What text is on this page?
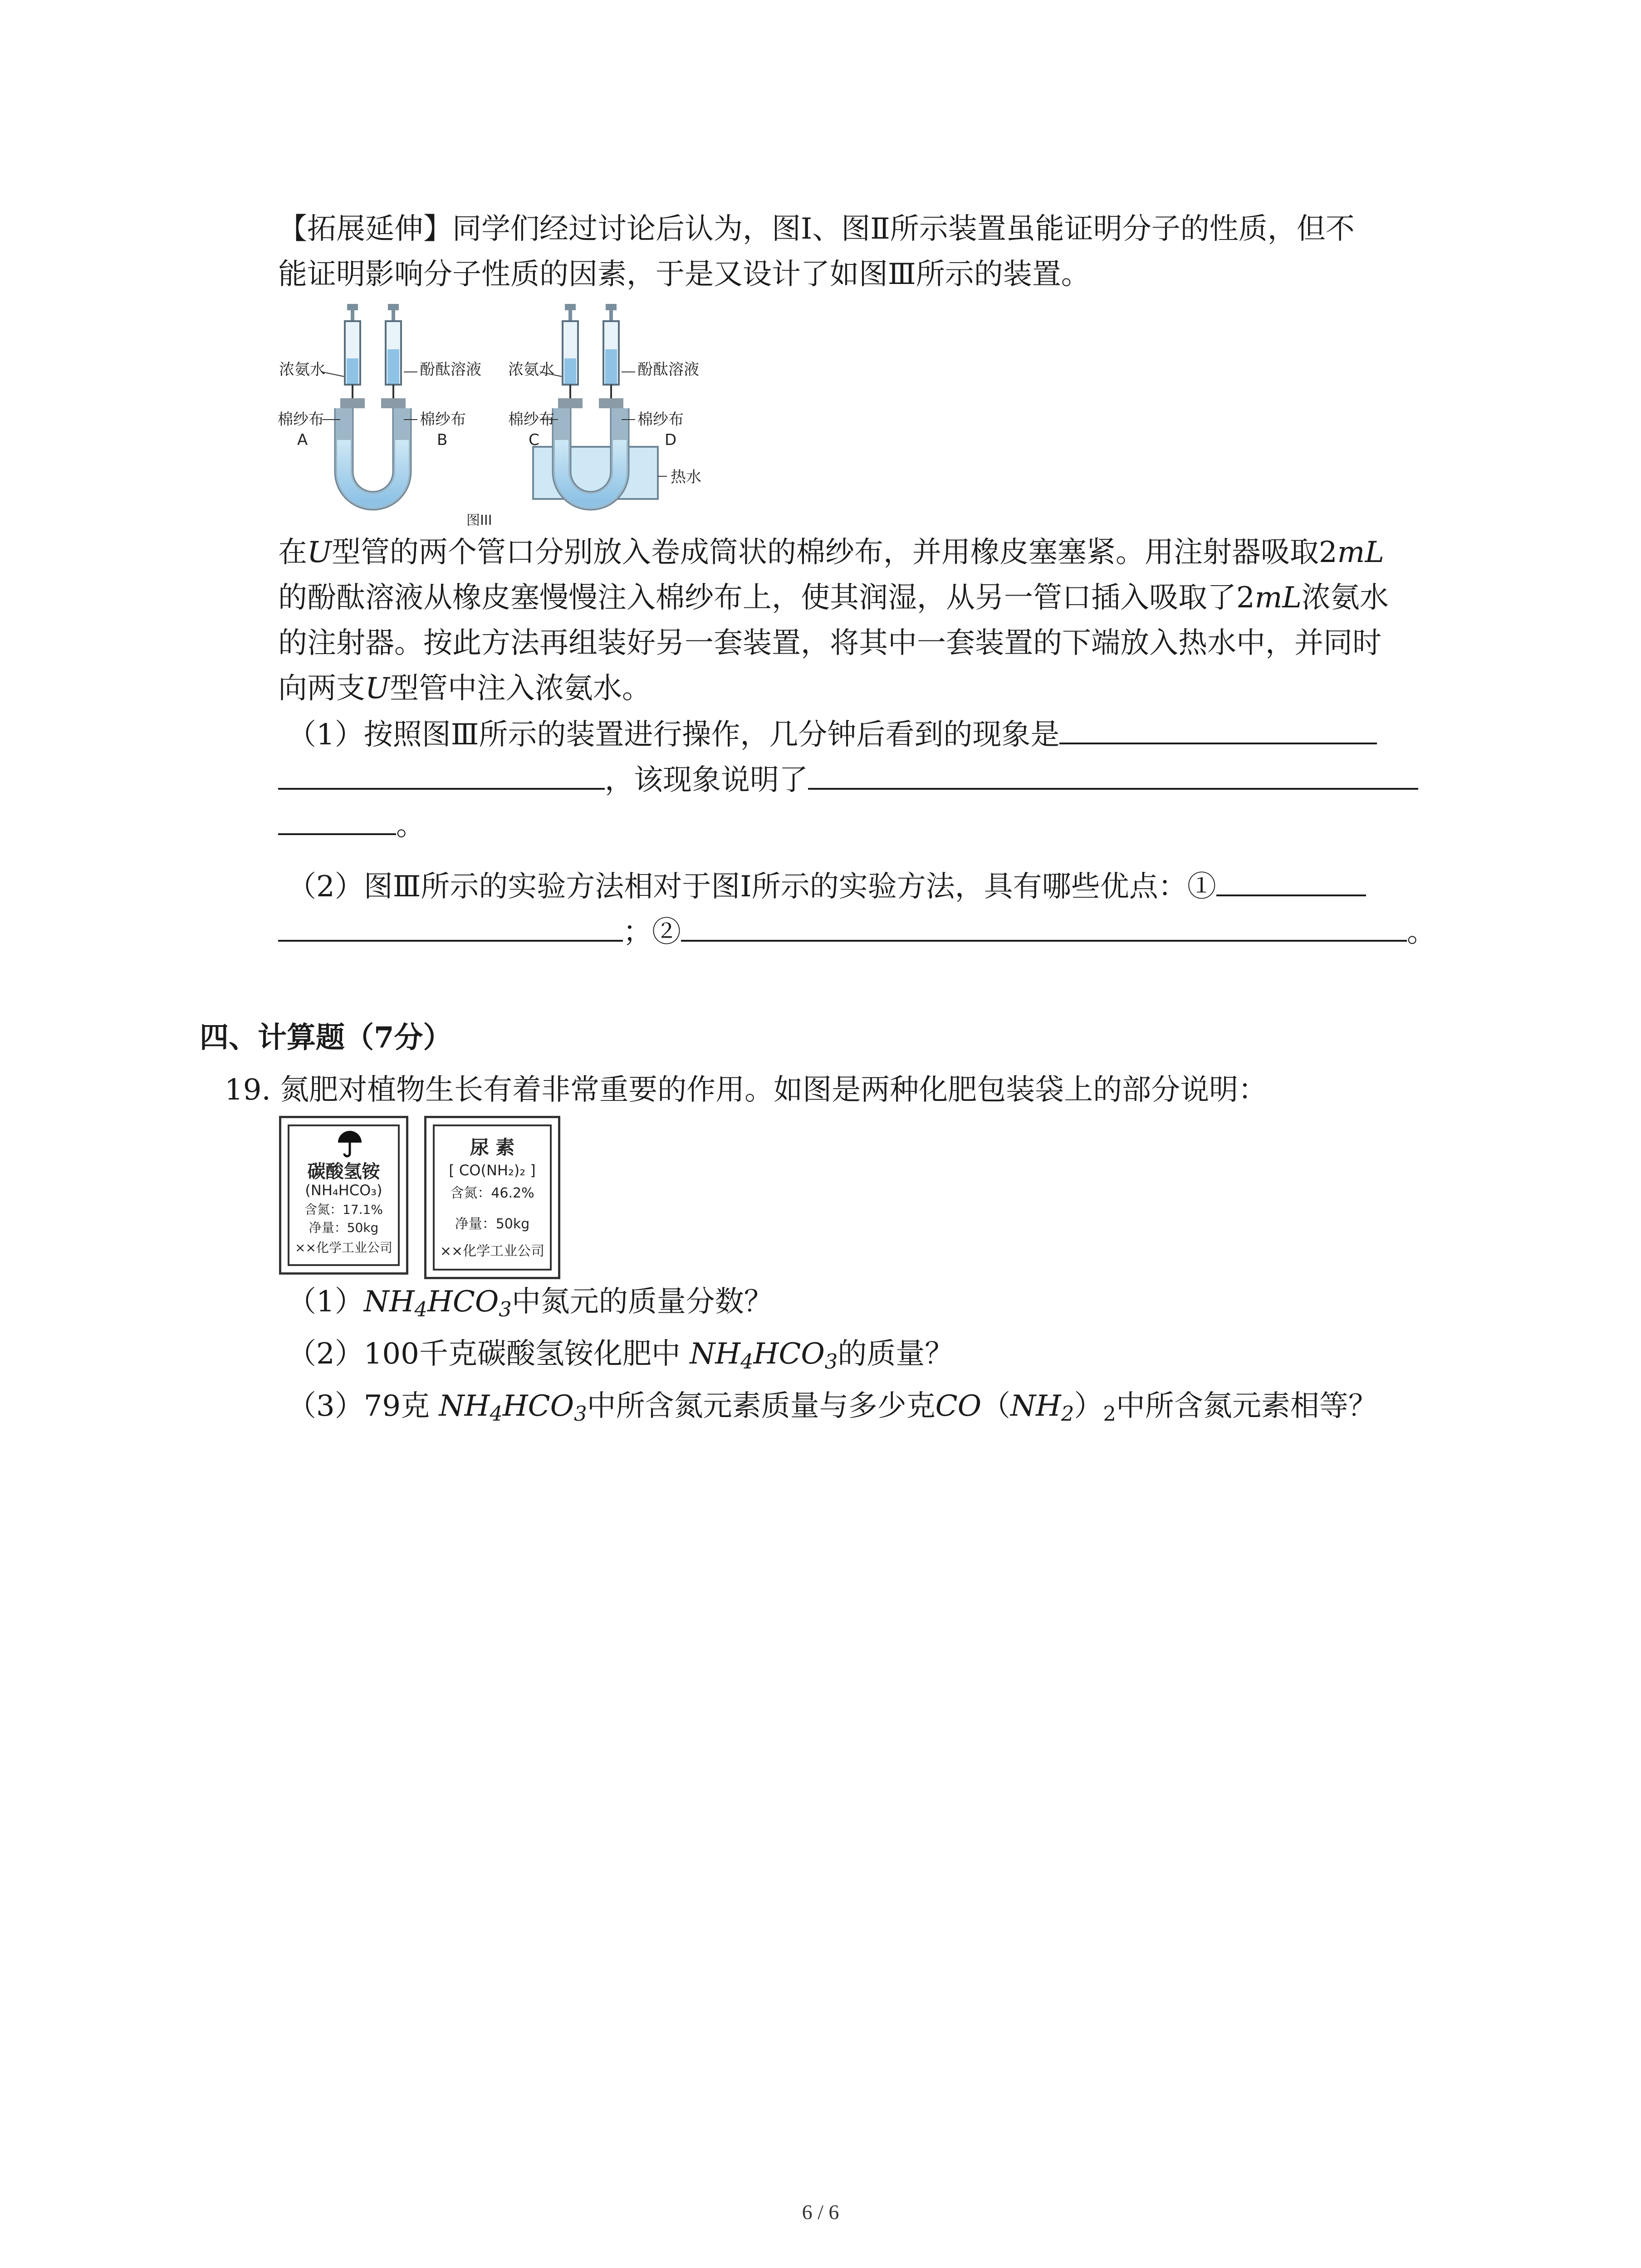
【拓展延伸】同学们经过讨论后认为，图Ⅰ、图Ⅱ所示装置虽能证明分子的性质，但不
能证明影响分子性质的因素，于是又设计了如图Ⅲ所示的装置。
浓氨水	酚酞溶液
棉纱布
A
棉纱布
B
浓氨水	酚酞溶液
棉纱布
C
棉纱布
D
热水
图III
在U型管的两个管口分别放入卷成筒状的棉纱布，并用橡皮塞塞紧。用注射器吸取2mL
的酚酞溶液从橡皮塞慢慢注入棉纱布上，使其润湿，从另一管口插入吸取了2mL浓氨水
的注射器。按此方法再组装好另一套装置，将其中一套装置的下端放入热水中，并同时
向两支U型管中注入浓氨水。
（1）按照图Ⅲ所示的装置进行操作，几分钟后看到的现象是
，该现象说明了
。
（2）图Ⅲ所示的实验方法相对于图Ⅰ所示的实验方法，具有哪些优点：①
；②	。
四、计算题（7分）
19. 氮肥对植物生长有着非常重要的作用。如图是两种化肥包装袋上的部分说明：
碳酸氢铵
(NH₄HCO₃)
含氮：17.1%
净量：50kg
××化学工业公司
尿 素
[ CO(NH₂)₂ ]
含氮：46.2%
净量：50kg
××化学工业公司
$(1)NH_4HCO_3$中氮元的质量分数？
（2）100千克碳酸氢铵化肥中 $NH_4HCO_3$的质量？
（3）79克 $NH_4HCO_3$中所含氮元素质量与多少克$CO(NH_2)_2$中所含氮元素相等？
6 / 6
